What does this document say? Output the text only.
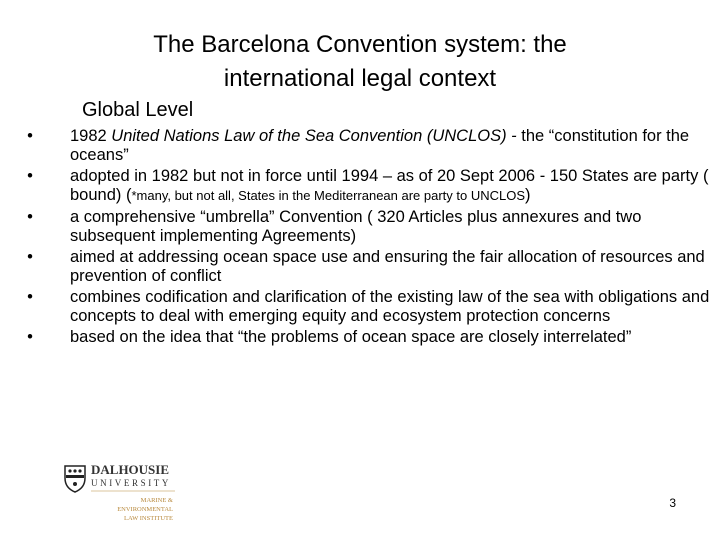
The Barcelona Convention system: the
international legal context
Global Level
•	1982 United Nations Law of the Sea Convention (UNCLOS) - the “constitution for the oceans”
•	adopted in 1982 but not in force until 1994 – as of 20 Sept 2006 - 150 States are party ( bound) (*many, but not all, States in the Mediterranean are party to UNCLOS)
•	a comprehensive “umbrella” Convention ( 320 Articles plus annexures and two subsequent implementing Agreements)
•	aimed at addressing ocean space use and ensuring the fair allocation of resources and prevention of conflict
•	combines codification and clarification of the existing law of the sea with obligations and concepts to deal with emerging equity and ecosystem protection concerns
•	based on the idea that “the problems of ocean space are closely interrelated”
DALHOUSIE
UNIVERSITY
MARINE &
ENVIRONMENTAL
LAW INSTITUTE
3
